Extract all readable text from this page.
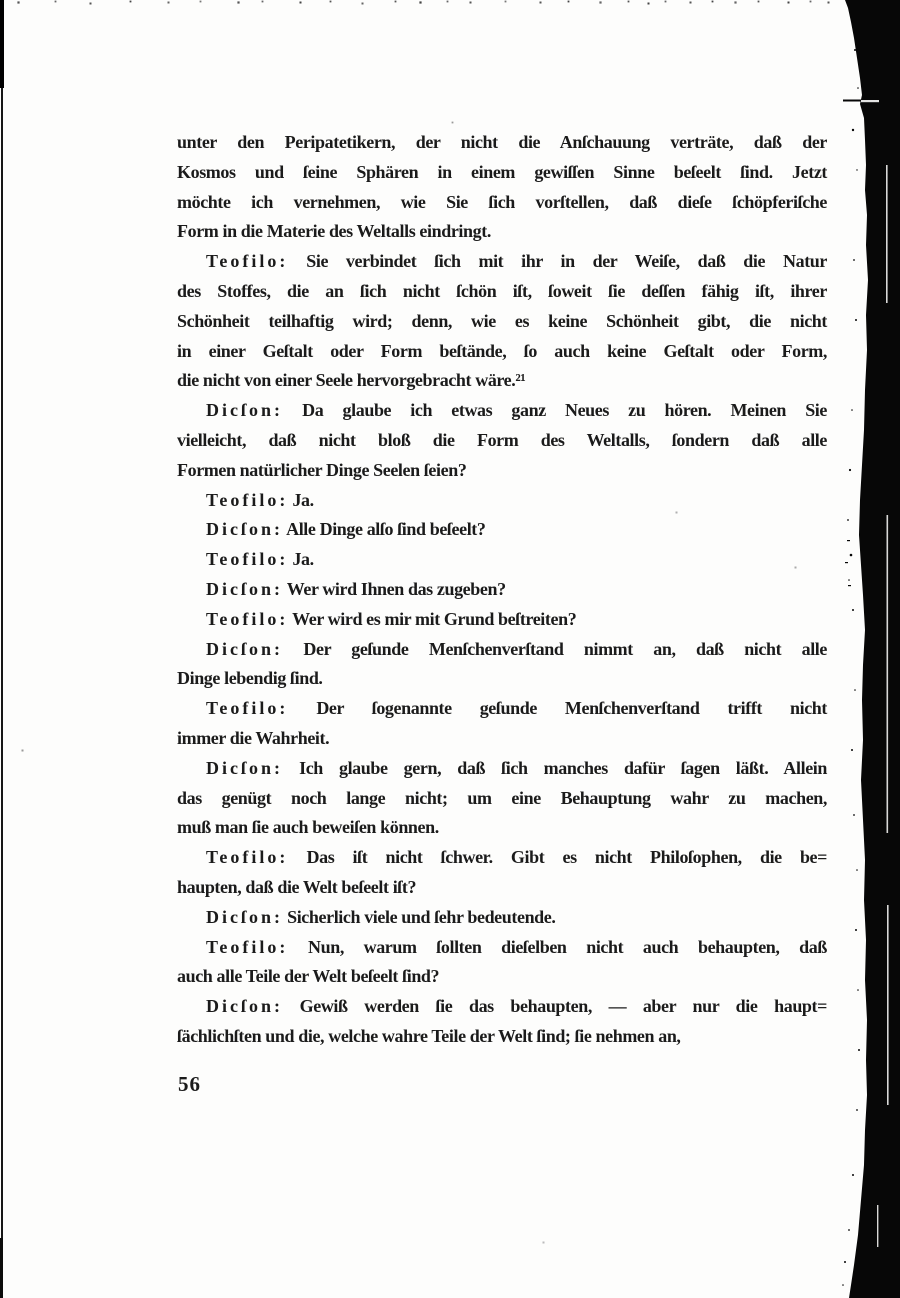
unter den Peripatetikern, der nicht die Anſchauung verträte, daß der
Kosmos und ſeine Sphären in einem gewiſſen Sinne beſeelt ſind. Jetzt
möchte ich vernehmen, wie Sie ſich vorſtellen, daß dieſe ſchöpferiſche
Form in die Materie des Weltalls eindringt.
Teofilo: Sie verbindet ſich mit ihr in der Weiſe, daß die Natur
des Stoffes, die an ſich nicht ſchön iſt, ſoweit ſie deſſen fähig iſt, ihrer
Schönheit teilhaftig wird; denn, wie es keine Schönheit gibt, die nicht
in einer Geſtalt oder Form beſtände, ſo auch keine Geſtalt oder Form,
die nicht von einer Seele hervorgebracht wäre.²¹
Dicſon: Da glaube ich etwas ganz Neues zu hören. Meinen Sie
vielleicht, daß nicht bloß die Form des Weltalls, ſondern daß alle
Formen natürlicher Dinge Seelen ſeien?
Teofilo: Ja.
Dicſon: Alle Dinge alſo ſind beſeelt?
Teofilo: Ja.
Dicſon: Wer wird Ihnen das zugeben?
Teofilo: Wer wird es mir mit Grund beſtreiten?
Dicſon: Der geſunde Menſchenverſtand nimmt an, daß nicht alle
Dinge lebendig ſind.
Teofilo: Der ſogenannte geſunde Menſchenverſtand trifft nicht
immer die Wahrheit.
Dicſon: Ich glaube gern, daß ſich manches dafür ſagen läßt. Allein
das genügt noch lange nicht; um eine Behauptung wahr zu machen,
muß man ſie auch beweiſen können.
Teofilo: Das iſt nicht ſchwer. Gibt es nicht Philoſophen, die be=
haupten, daß die Welt beſeelt iſt?
Dicſon: Sicherlich viele und ſehr bedeutende.
Teofilo: Nun, warum ſollten dieſelben nicht auch behaupten, daß
auch alle Teile der Welt beſeelt ſind?
Dicſon: Gewiß werden ſie das behaupten, — aber nur die haupt=
ſächlichſten und die, welche wahre Teile der Welt ſind; ſie nehmen an,
56
